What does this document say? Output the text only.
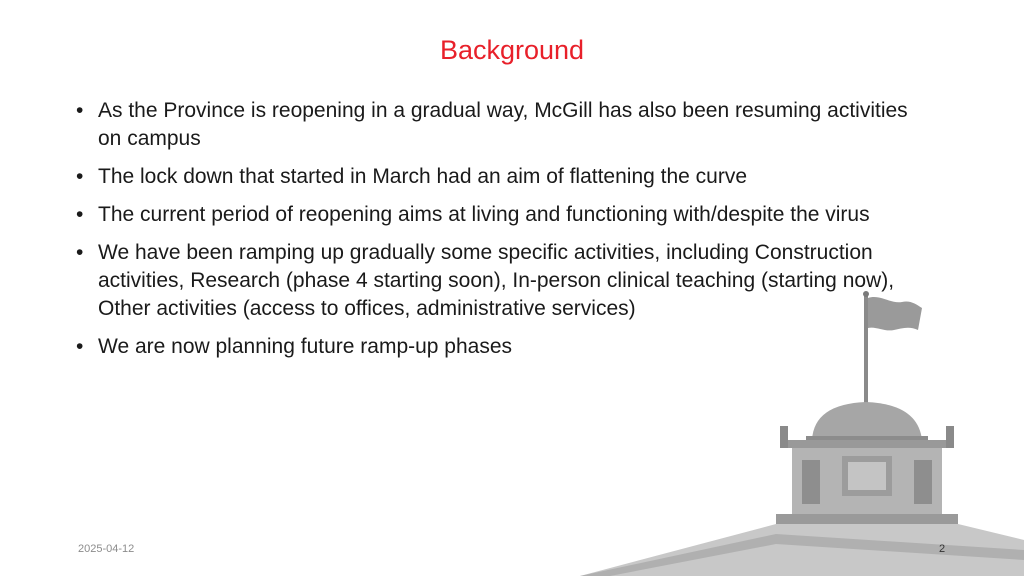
Background
• As the Province is reopening in a gradual way, McGill has also been resuming activities on campus
• The lock down that started in March had an aim of flattening the curve
• The current period of reopening aims at living and functioning with/despite the virus
• We have been ramping up gradually some specific activities, including Construction activities, Research (phase 4 starting soon), In-person clinical teaching (starting now), Other activities (access to offices, administrative services)
• We are now planning future ramp-up phases
2025-04-12	2
